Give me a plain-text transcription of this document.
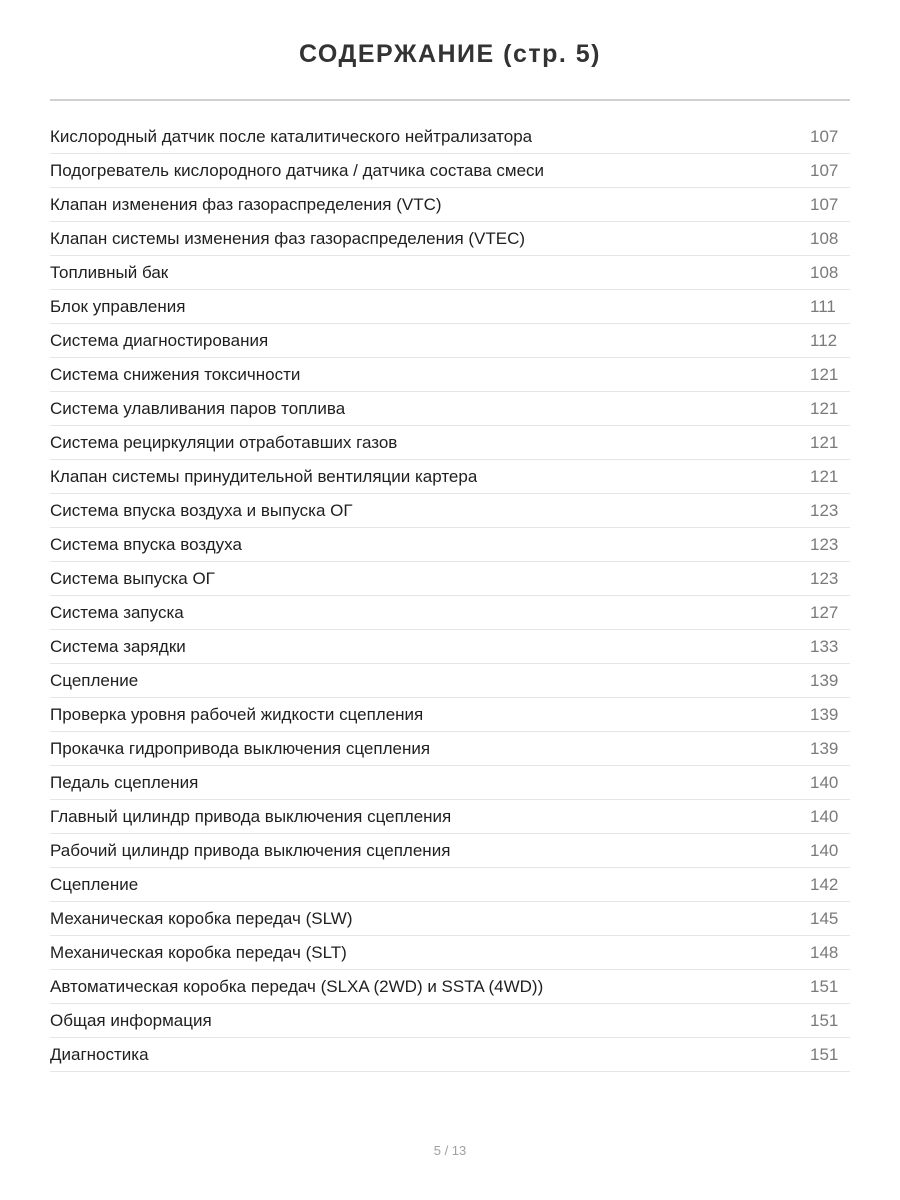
СОДЕРЖАНИЕ (стр. 5)
Кислородный датчик после каталитического нейтрализатора	107
Подогреватель кислородного датчика / датчика состава смеси	107
Клапан изменения фаз газораспределения (VTC)	107
Клапан системы изменения фаз газораспределения (VTEC)	108
Топливный бак	108
Блок управления	111
Система диагностирования	112
Система снижения токсичности	121
Система улавливания паров топлива	121
Система рециркуляции отработавших газов	121
Клапан системы принудительной вентиляции картера	121
Система впуска воздуха и выпуска ОГ	123
Система впуска воздуха	123
Система выпуска ОГ	123
Система запуска	127
Система зарядки	133
Сцепление	139
Проверка уровня рабочей жидкости сцепления	139
Прокачка гидропривода выключения сцепления	139
Педаль сцепления	140
Главный цилиндр привода выключения сцепления	140
Рабочий цилиндр привода выключения сцепления	140
Сцепление	142
Механическая коробка передач (SLW)	145
Механическая коробка передач (SLT)	148
Автоматическая коробка передач (SLXA (2WD) и SSTA (4WD))	151
Общая информация	151
Диагностика	151
5 / 13
